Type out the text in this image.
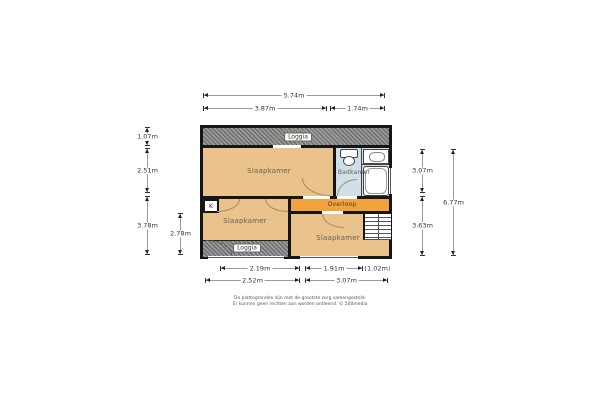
K
Loggia
Slaapkamer	Badkamer
Slaapkamer
Overloop
Slaapkamer
Loggia
5.74m
3.87m	1.74m
2.19m	1.91m	1.02m
2.52m	3.07m
1.07m
2.51m
3.78m
2.78m
3.07m
3.63m
6.77m
De plattegronden zijn met de grootste zorg samengesteld.
Er kunnen geen rechten aan worden ontleend. © 500media
